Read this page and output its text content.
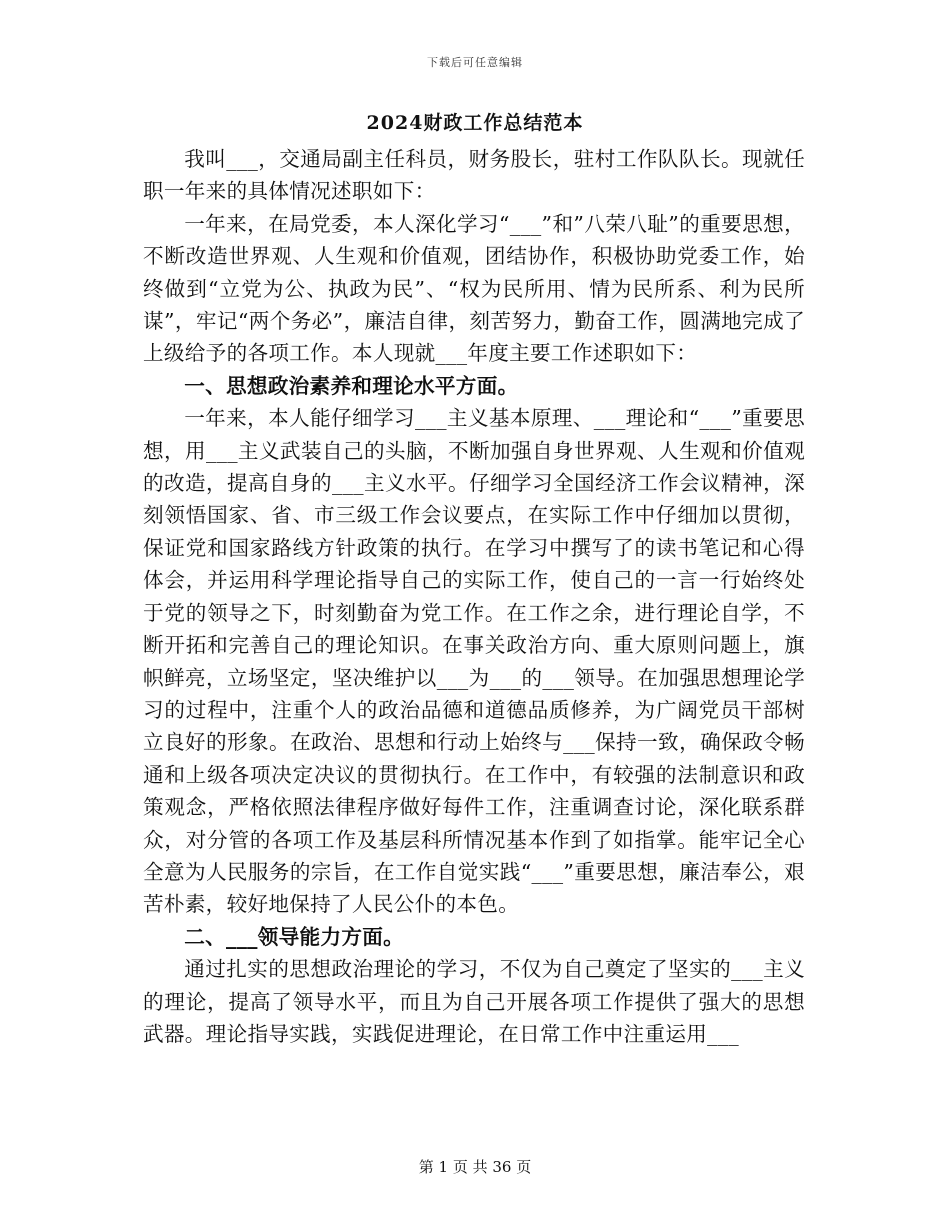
下载后可任意编辑
2024财政工作总结范本

我叫___，交通局副主任科员，财务股长，驻村工作队队长。现就任职一年来的具体情况述职如下：

一年来，在局党委，本人深化学习“___”和”八荣八耻”的重要思想，不断改造世界观、人生观和价值观，团结协作，积极协助党委工作，始终做到“立党为公、执政为民”、“权为民所用、情为民所系、利为民所谋”，牢记“两个务必”，廉洁自律，刻苦努力，勤奋工作，圆满地完成了上级给予的各项工作。本人现就___年度主要工作述职如下：

一、思想政治素养和理论水平方面。

一年来，本人能仔细学习___主义基本原理、___理论和“___”重要思想，用___主义武装自己的头脑，不断加强自身世界观、人生观和价值观的改造，提高自身的___主义水平。仔细学习全国经济工作会议精神，深刻领悟国家、省、市三级工作会议要点，在实际工作中仔细加以贯彻，保证党和国家路线方针政策的执行。在学习中撰写了的读书笔记和心得体会，并运用科学理论指导自己的实际工作，使自己的一言一行始终处于党的领导之下，时刻勤奋为党工作。在工作之余，进行理论自学，不断开拓和完善自己的理论知识。在事关政治方向、重大原则问题上，旗帜鲜亮，立场坚定，坚决维护以___为___的___领导。在加强思想理论学习的过程中，注重个人的政治品德和道德品质修养，为广阔党员干部树立良好的形象。在政治、思想和行动上始终与___保持一致，确保政令畅通和上级各项决定决议的贯彻执行。在工作中，有较强的法制意识和政策观念，严格依照法律程序做好每件工作，注重调查讨论，深化联系群众，对分管的各项工作及基层科所情况基本作到了如指掌。能牢记全心全意为人民服务的宗旨，在工作自觉实践“___”重要思想，廉洁奉公，艰苦朴素，较好地保持了人民公仆的本色。

二、___领导能力方面。

通过扎实的思想政治理论的学习，不仅为自己奠定了坚实的___主义的理论，提高了领导水平，而且为自己开展各项工作提供了强大的思想武器。理论指导实践，实践促进理论，在日常工作中注重运用___

第 1 页 共 36 页
